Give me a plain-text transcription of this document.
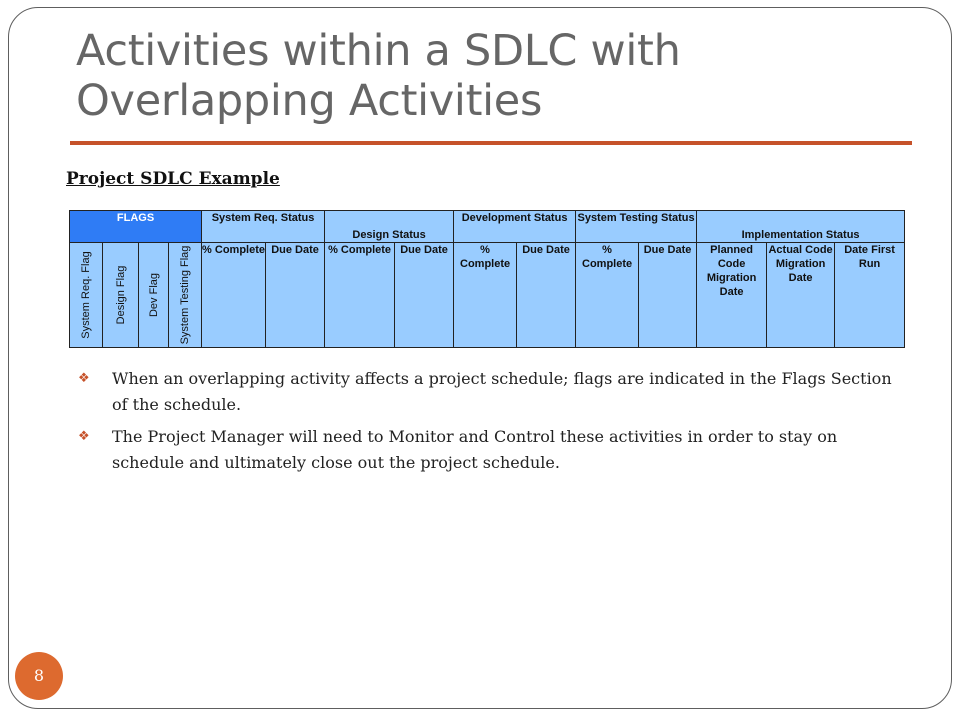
Activities within a SDLC with Overlapping Activities
Project SDLC Example
FLAGS				System Req. Status		Design Status		Development Status		System Testing Status		Implementation Status		

System Req. Flag	Design Flag	Dev Flag	System Testing Flag	% Complete	Due Date	% Complete	Due Date	% Complete	Due Date	% Complete	Due Date	Planned Code Migration Date	Actual Code Migration Date	Date First Run
❖	When an overlapping activity affects a project schedule; flags are indicated in the Flags Section of the schedule.
❖	The Project Manager will need to Monitor and Control these activities in order to stay on schedule and ultimately close out the project schedule.
8
